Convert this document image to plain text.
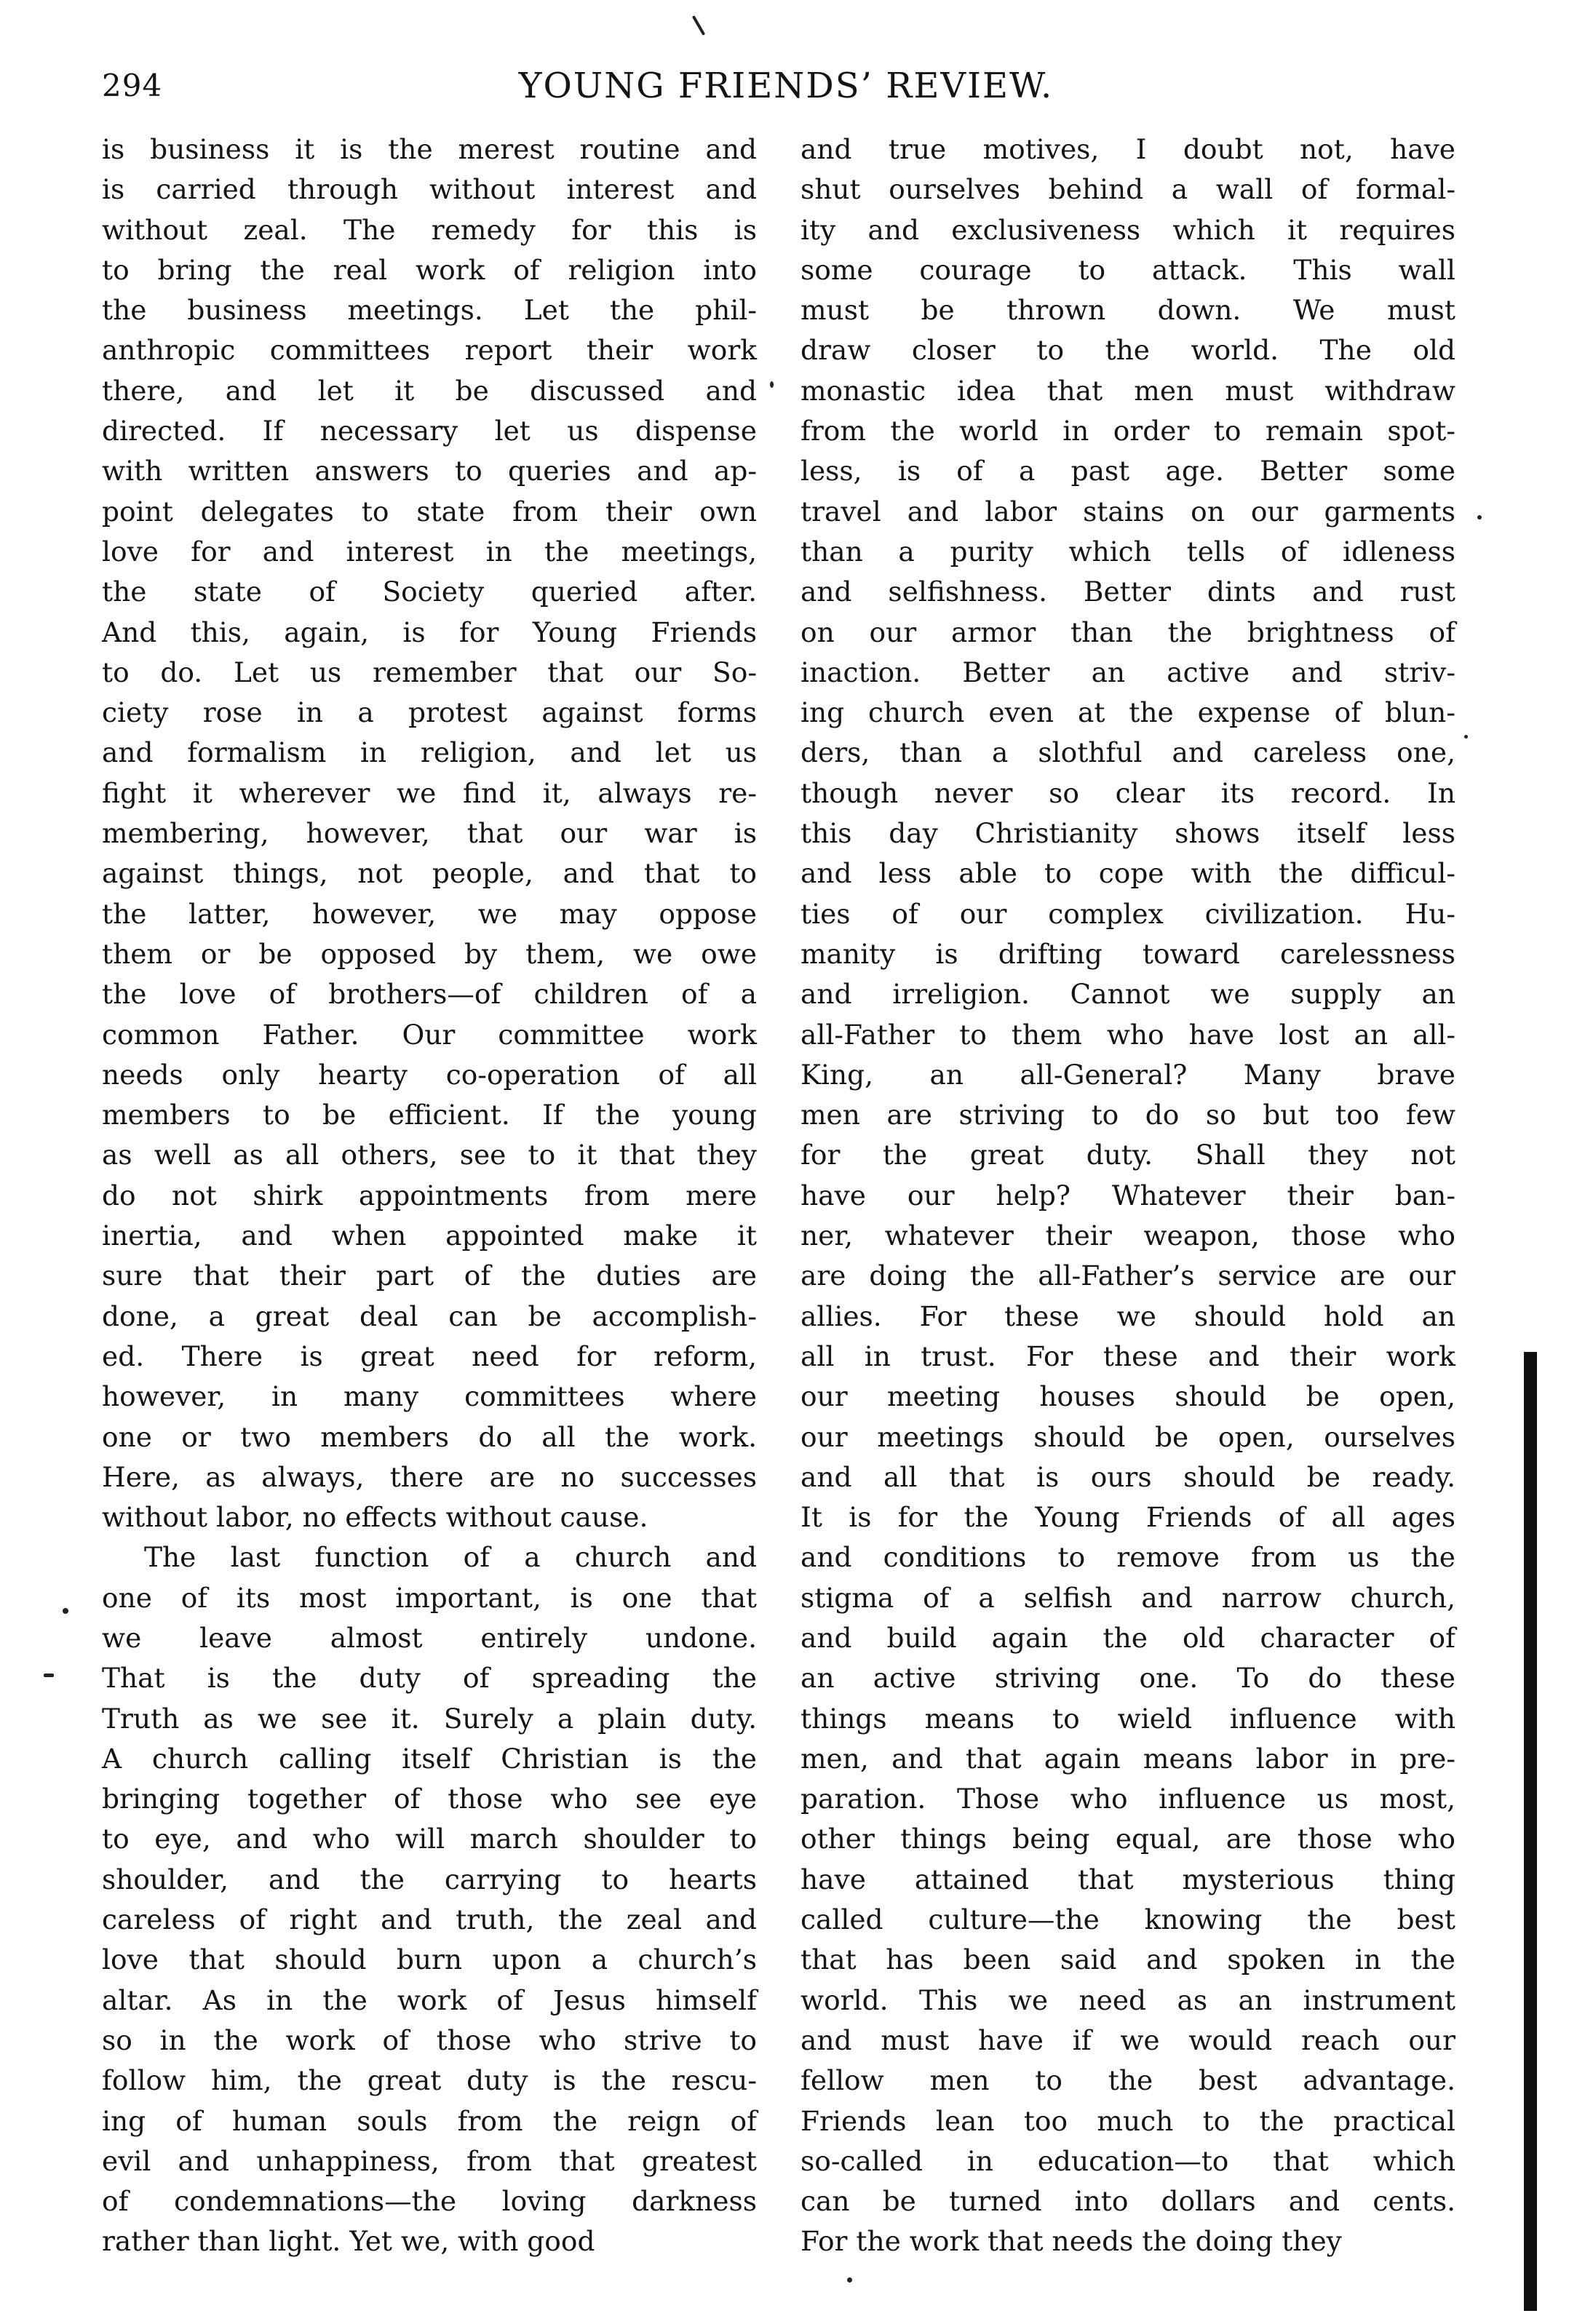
294	YOUNG FRIENDS’ REVIEW.
is business it is the merest routine and
is carried through without interest and
without zeal. The remedy for this is
to bring the real work of religion into
the business meetings. Let the phil-
anthropic committees report their work
there, and let it be discussed and
directed. If necessary let us dispense
with written answers to queries and ap-
point delegates to state from their own
love for and interest in the meetings,
the state of Society queried after.
And this, again, is for Young Friends
to do. Let us remember that our So-
ciety rose in a protest against forms
and formalism in religion, and let us
fight it wherever we find it, always re-
membering, however, that our war is
against things, not people, and that to
the latter, however, we may oppose
them or be opposed by them, we owe
the love of brothers—of children of a
common Father. Our committee work
needs only hearty co-operation of all
members to be efficient. If the young
as well as all others, see to it that they
do not shirk appointments from mere
inertia, and when appointed make it
sure that their part of the duties are
done, a great deal can be accomplish-
ed. There is great need for reform,
however, in many committees where
one or two members do all the work.
Here, as always, there are no successes
without labor, no effects without cause.
The last function of a church and
one of its most important, is one that
we leave almost entirely undone.
That is the duty of spreading the
Truth as we see it. Surely a plain duty.
A church calling itself Christian is the
bringing together of those who see eye
to eye, and who will march shoulder to
shoulder, and the carrying to hearts
careless of right and truth, the zeal and
love that should burn upon a church’s
altar. As in the work of Jesus himself
so in the work of those who strive to
follow him, the great duty is the rescu-
ing of human souls from the reign of
evil and unhappiness, from that greatest
of condemnations—the loving darkness
rather than light. Yet we, with good
and true motives, I doubt not, have
shut ourselves behind a wall of formal-
ity and exclusiveness which it requires
some courage to attack. This wall
must be thrown down. We must
draw closer to the world. The old
monastic idea that men must withdraw
from the world in order to remain spot-
less, is of a past age. Better some
travel and labor stains on our garments
than a purity which tells of idleness
and selfishness. Better dints and rust
on our armor than the brightness of
inaction. Better an active and striv-
ing church even at the expense of blun-
ders, than a slothful and careless one,
though never so clear its record. In
this day Christianity shows itself less
and less able to cope with the difficul-
ties of our complex civilization. Hu-
manity is drifting toward carelessness
and irreligion. Cannot we supply an
all-Father to them who have lost an all-
King, an all-General? Many brave
men are striving to do so but too few
for the great duty. Shall they not
have our help? Whatever their ban-
ner, whatever their weapon, those who
are doing the all-Father’s service are our
allies. For these we should hold an
all in trust. For these and their work
our meeting houses should be open,
our meetings should be open, ourselves
and all that is ours should be ready.
It is for the Young Friends of all ages
and conditions to remove from us the
stigma of a selfish and narrow church,
and build again the old character of
an active striving one. To do these
things means to wield influence with
men, and that again means labor in pre-
paration. Those who influence us most,
other things being equal, are those who
have attained that mysterious thing
called culture—the knowing the best
that has been said and spoken in the
world. This we need as an instrument
and must have if we would reach our
fellow men to the best advantage.
Friends lean too much to the practical
so-called in education—to that which
can be turned into dollars and cents.
For the work that needs the doing they
